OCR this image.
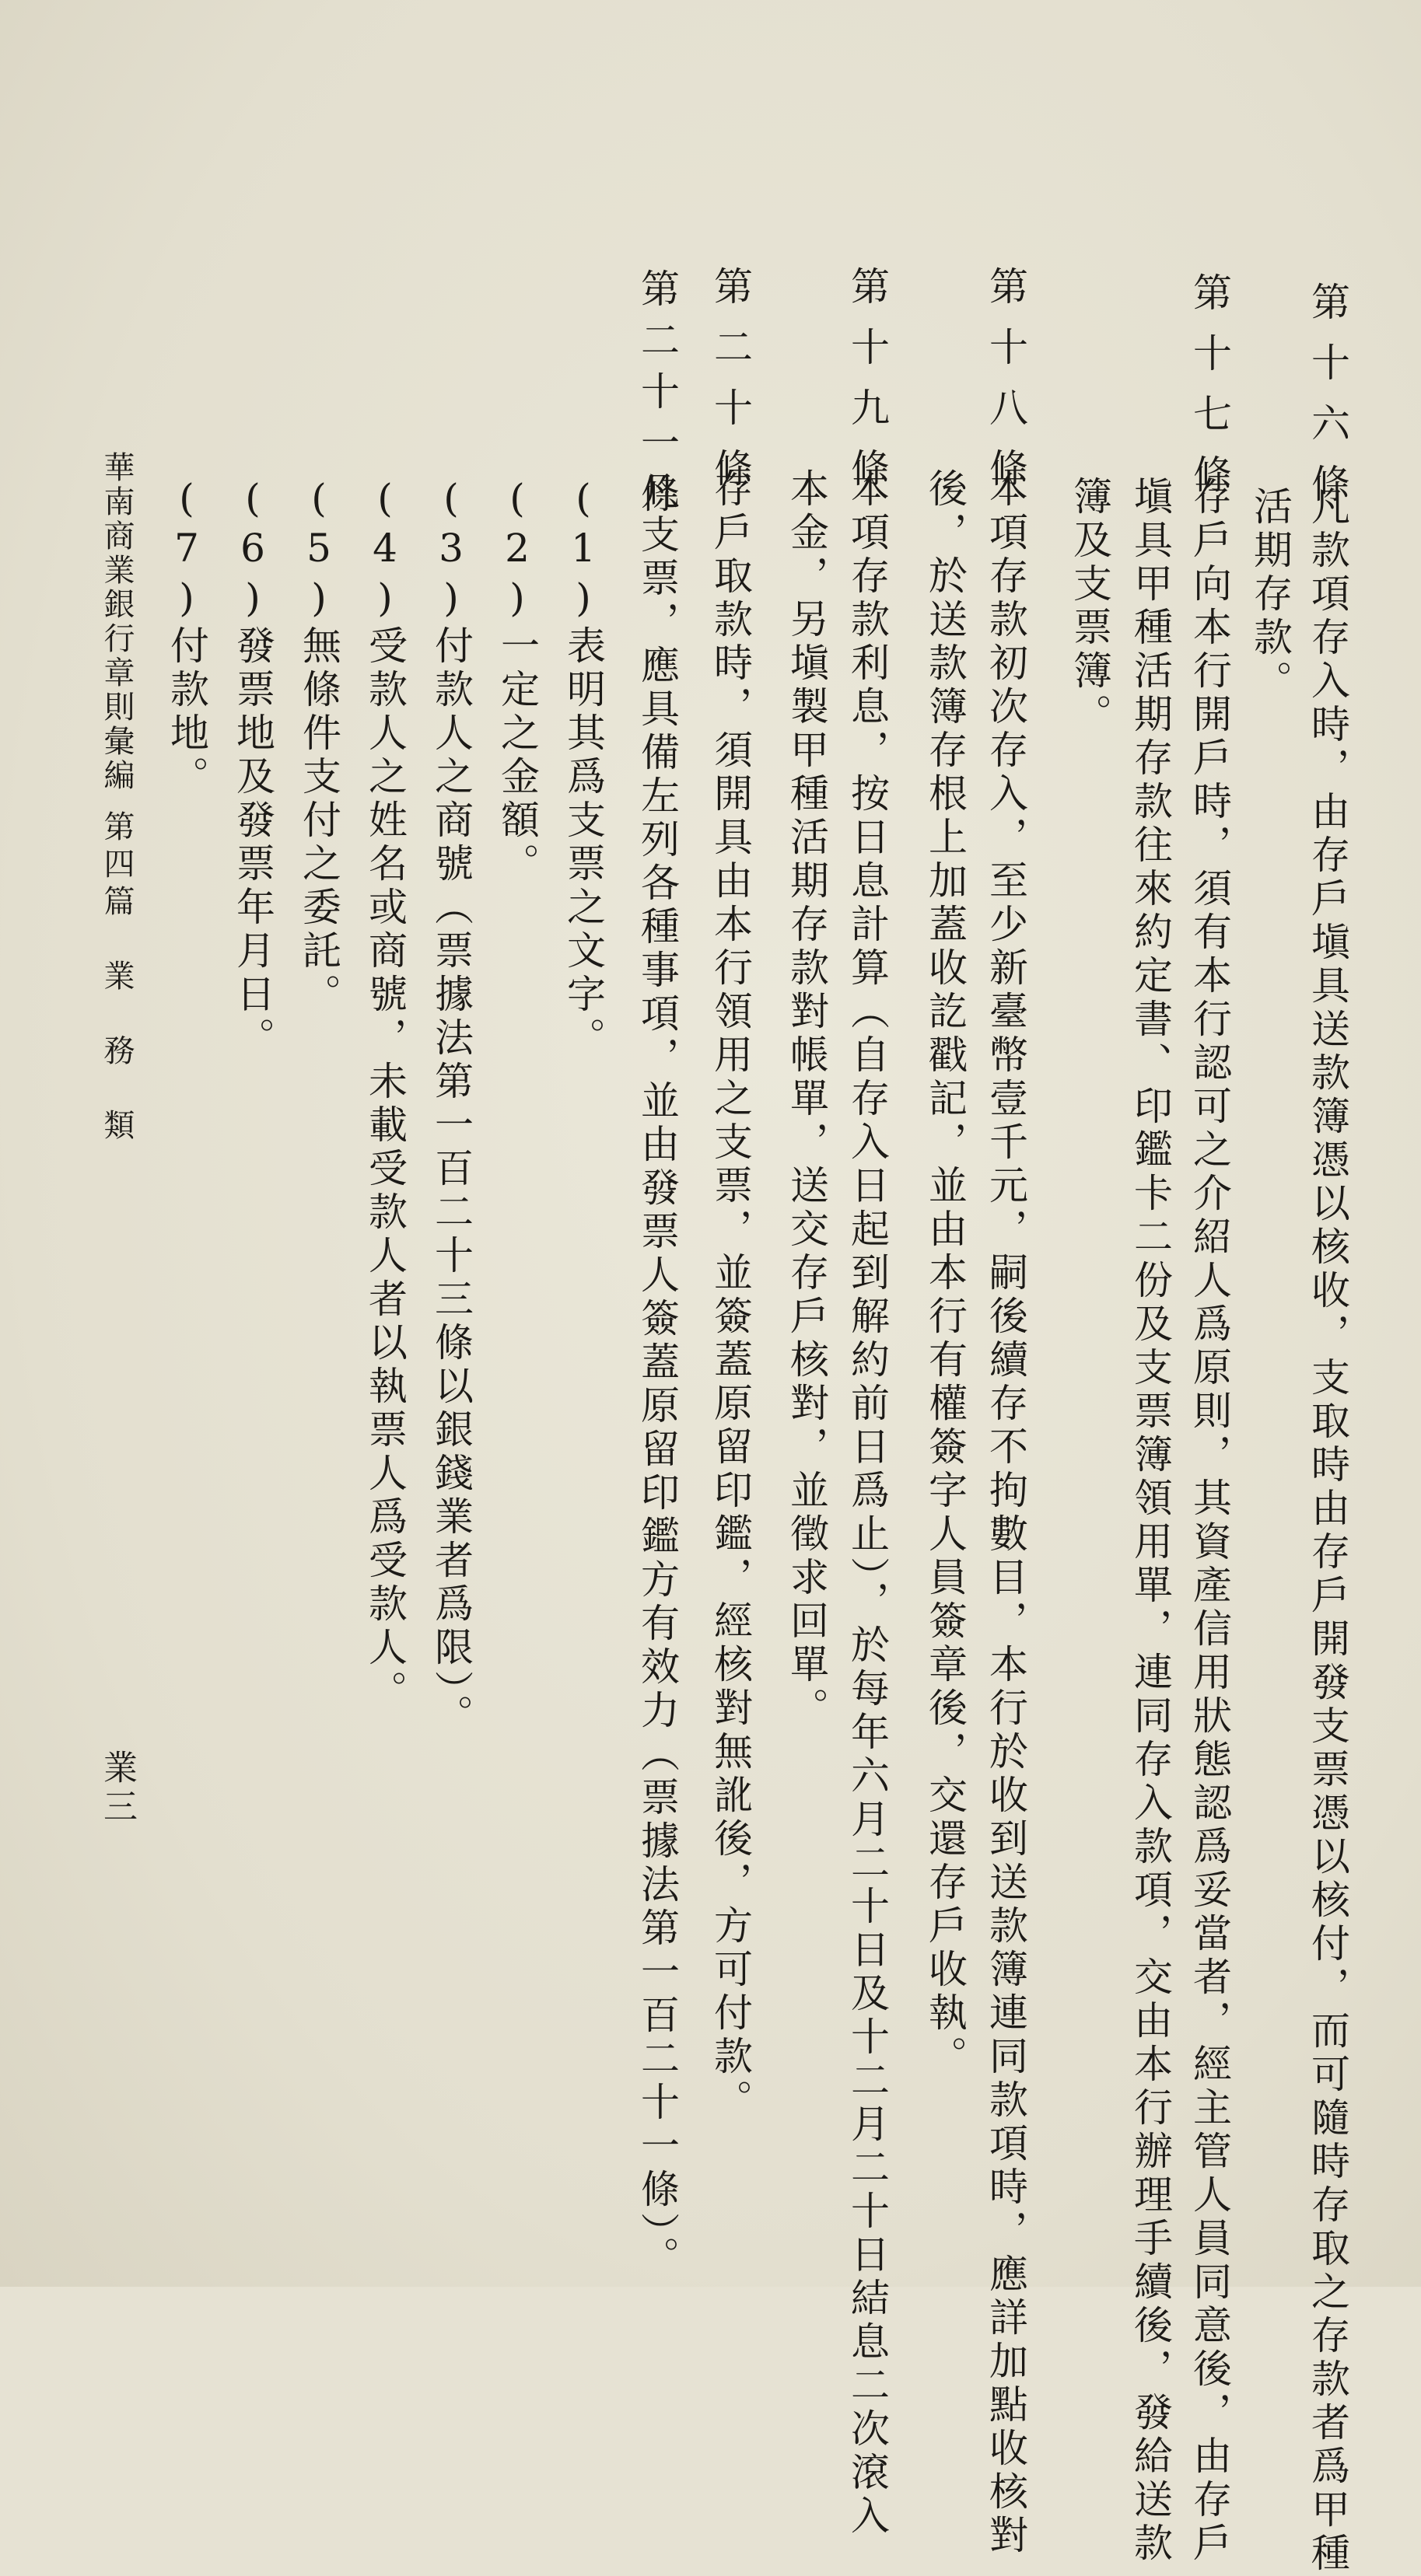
第十六條
凡款項存入時，由存戶塡具送款簿憑以核收，支取時由存戶開發支票憑以核付，而可隨時存取之存款者爲甲種
活期存款。
第十七條
存戶向本行開戶時，須有本行認可之介紹人爲原則，其資產信用狀態認爲妥當者，經主管人員同意後，由存戶
塡具甲種活期存款往來約定書、印鑑卡二份及支票簿領用單，連同存入款項，交由本行辦理手續後，發給送款
簿及支票簿。
第十八條
本項存款初次存入，至少新臺幣壹千元，嗣後續存不拘數目，本行於收到送款簿連同款項時，應詳加點收核對
後，於送款簿存根上加蓋收訖戳記，並由本行有權簽字人員簽章後，交還存戶收執。
第十九條
本項存款利息，按日息計算（自存入日起到解約前日爲止），於每年六月二十日及十二月二十日結息二次滾入
本金，另塡製甲種活期存款對帳單，送交存戶核對，並徵求回單。
第二十條
存戶取款時，須開具由本行領用之支票，並簽蓋原留印鑑，經核對無訛後，方可付款。
第二十一條
凡支票，應具備左列各種事項，並由發票人簽蓋原留印鑑方有效力（票據法第一百二十一條）。
(1)表明其爲支票之文字。
(2)一定之金額。
(3)付款人之商號（票據法第一百二十三條以銀錢業者爲限）。
(4)受款人之姓名或商號，未載受款人者以執票人爲受款人。
(5)無條件支付之委託。
(6)發票地及發票年月日。
(7)付款地。
華南商業銀行章則彙編
第四篇　業　務　類
業三
